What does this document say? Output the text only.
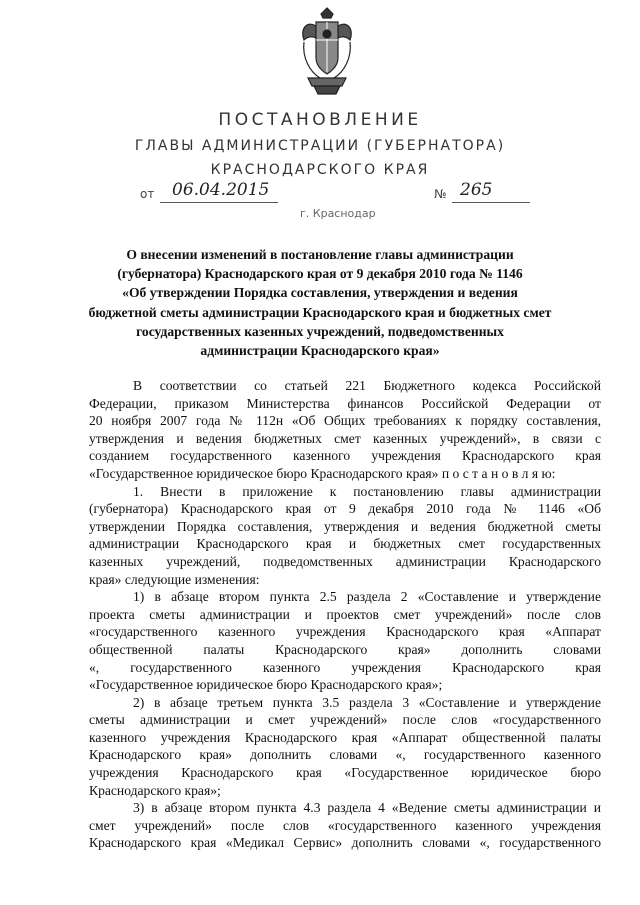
ПОСТАНОВЛЕНИЕ
ГЛАВЫ АДМИНИСТРАЦИИ (ГУБЕРНАТОРА)
КРАСНОДАРСКОГО КРАЯ
от 06.04.2015	№ 265
г. Краснодар
О внесении изменений в постановление главы администрации
(губернатора) Краснодарского края от 9 декабря 2010 года № 1146
«Об утверждении Порядка составления, утверждения и ведения
бюджетной сметы администрации Краснодарского края и бюджетных смет
государственных казенных учреждений, подведомственных
администрации Краснодарского края»
В соответствии со статьей 221 Бюджетного кодекса Российской
Федерации, приказом Министерства финансов Российской Федерации от
20 ноября 2007 года № 112н «Об Общих требованиях к порядку составления,
утверждения и ведения бюджетных смет казенных учреждений», в связи с
созданием государственного казенного учреждения Краснодарского края
«Государственное юридическое бюро Краснодарского края» п о с т а н о в л я ю:
1. Внести в приложение к постановлению главы администрации
(губернатора) Краснодарского края от 9 декабря 2010 года № 1146 «Об
утверждении Порядка составления, утверждения и ведения бюджетной сметы
администрации Краснодарского края и бюджетных смет государственных
казенных учреждений, подведомственных администрации Краснодарского
края» следующие изменения:
1) в абзаце втором пункта 2.5 раздела 2 «Составление и утверждение
проекта сметы администрации и проектов смет учреждений» после слов
«государственного казенного учреждения Краснодарского края «Аппарат
общественной палаты Краснодарского края» дополнить словами
«, государственного казенного учреждения Краснодарского края
«Государственное юридическое бюро Краснодарского края»;
2) в абзаце третьем пункта 3.5 раздела 3 «Составление и утверждение
сметы администрации и смет учреждений» после слов «государственного
казенного учреждения Краснодарского края «Аппарат общественной палаты
Краснодарского края» дополнить словами «, государственного казенного
учреждения Краснодарского края «Государственное юридическое бюро
Краснодарского края»;
3) в абзаце втором пункта 4.3 раздела 4 «Ведение сметы администрации и
смет учреждений» после слов «государственного казенного учреждения
Краснодарского края «Медикал Сервис» дополнить словами «, государственного
